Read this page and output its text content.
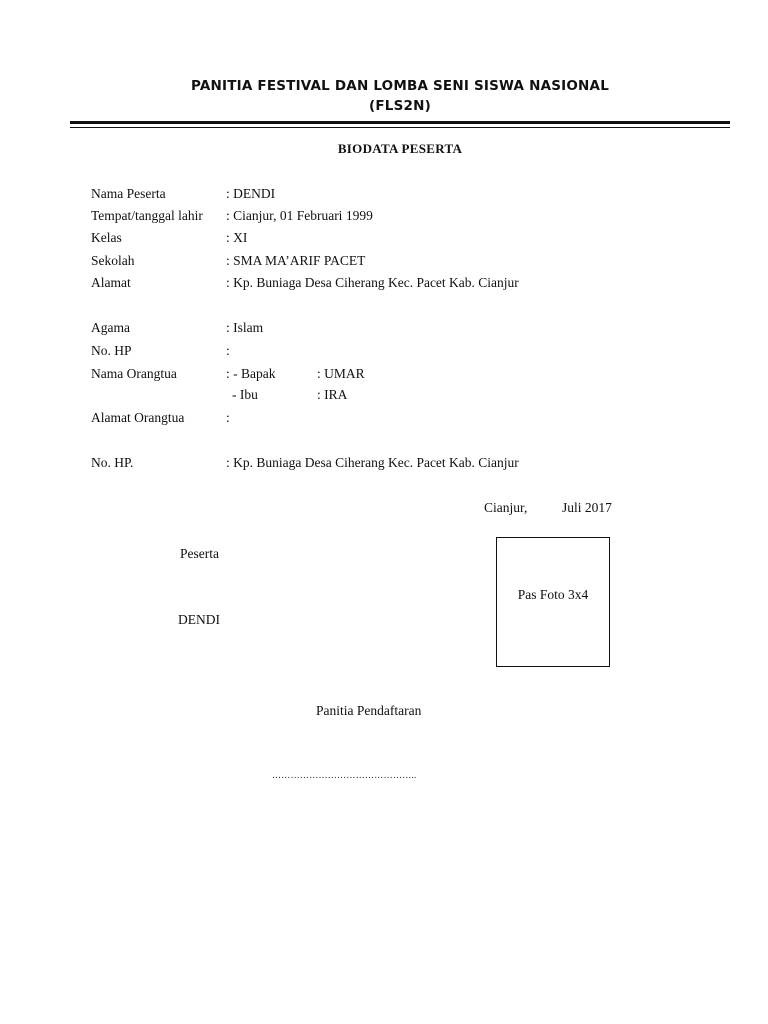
PANITIA FESTIVAL DAN LOMBA SENI SISWA NASIONAL
(FLS2N)
BIODATA PESERTA
Nama Peserta	: DENDI
Tempat/tanggal lahir : Cianjur, 01 Februari 1999
Kelas	: XI
Sekolah	: SMA MA’ARIF PACET
Alamat	: Kp. Buniaga Desa Ciherang Kec. Pacet Kab. Cianjur
Agama	: Islam
No. HP	:
Nama Orangtua	: - Bapak	: UMAR
- Ibu	: IRA
Alamat Orangtua	:
No. HP.	: Kp. Buniaga Desa Ciherang Kec. Pacet Kab. Cianjur
Cianjur,	Juli 2017
Peserta
DENDI
Pas Foto 3x4
Panitia Pendaftaran
………………………………………..
